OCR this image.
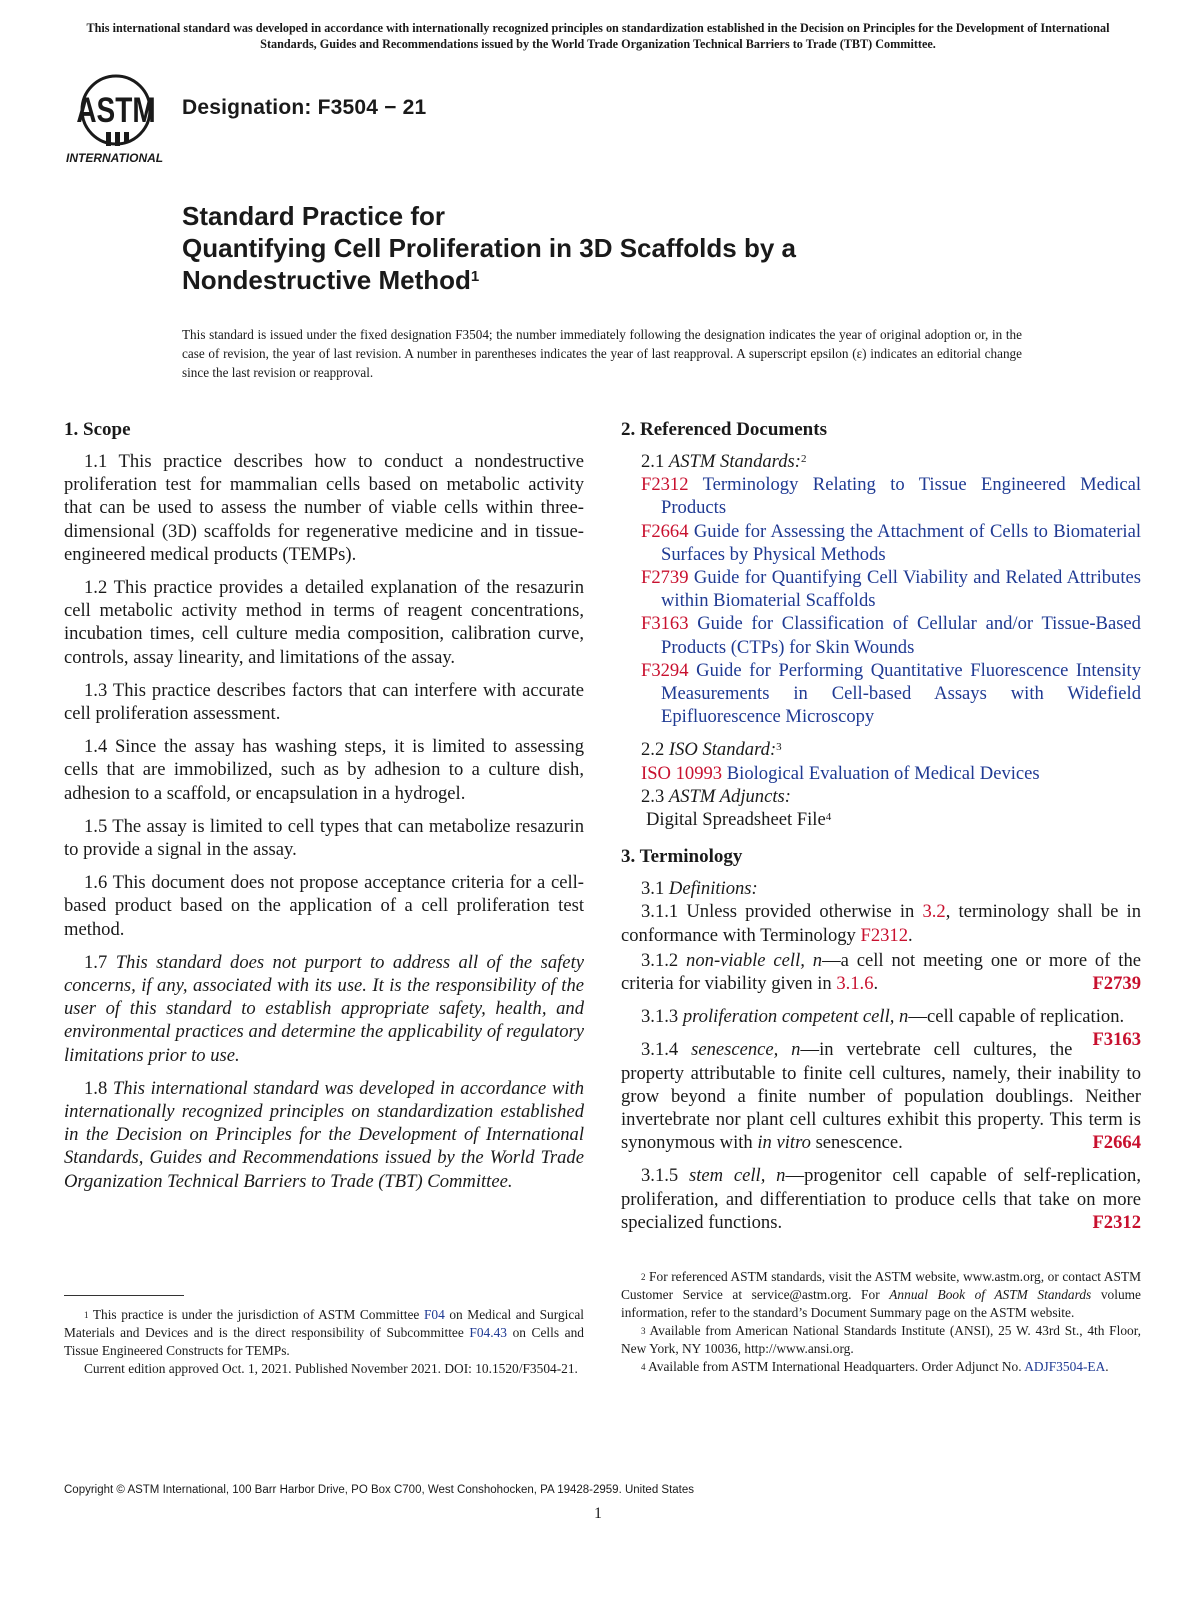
This international standard was developed in accordance with internationally recognized principles on standardization established in the Decision on Principles for the Development of International Standards, Guides and Recommendations issued by the World Trade Organization Technical Barriers to Trade (TBT) Committee.
ASTM
INTERNATIONAL
Designation: F3504 − 21
Standard Practice for
Quantifying Cell Proliferation in 3D Scaffolds by a
Nondestructive Method$^1$
This standard is issued under the fixed designation F3504; the number immediately following the designation indicates the year of original adoption or, in the case of revision, the year of last revision. A number in parentheses indicates the year of last reapproval. A superscript epsilon (ε) indicates an editorial change since the last revision or reapproval.
1. Scope

1.1 This practice describes how to conduct a nondestructive proliferation test for mammalian cells based on metabolic activity that can be used to assess the number of viable cells within three-dimensional (3D) scaffolds for regenerative medicine and in tissue-engineered medical products (TEMPs).

1.2 This practice provides a detailed explanation of the resazurin cell metabolic activity method in terms of reagent concentrations, incubation times, cell culture media composition, calibration curve, controls, assay linearity, and limitations of the assay.

1.3 This practice describes factors that can interfere with accurate cell proliferation assessment.

1.4 Since the assay has washing steps, it is limited to assessing cells that are immobilized, such as by adhesion to a culture dish, adhesion to a scaffold, or encapsulation in a hydrogel.

1.5 The assay is limited to cell types that can metabolize resazurin to provide a signal in the assay.

1.6 This document does not propose acceptance criteria for a cell-based product based on the application of a cell proliferation test method.

1.7 This standard does not purport to address all of the safety concerns, if any, associated with its use. It is the responsibility of the user of this standard to establish appropriate safety, health, and environmental practices and determine the applicability of regulatory limitations prior to use.

1.8 This international standard was developed in accordance with internationally recognized principles on standardization established in the Decision on Principles for the Development of International Standards, Guides and Recommendations issued by the World Trade Organization Technical Barriers to Trade (TBT) Committee.

2. Referenced Documents
2.1 ASTM Standards:$^2$
F2312 Terminology Relating to Tissue Engineered Medical Products
F2664 Guide for Assessing the Attachment of Cells to Biomaterial Surfaces by Physical Methods
F2739 Guide for Quantifying Cell Viability and Related Attributes within Biomaterial Scaffolds
F3163 Guide for Classification of Cellular and/or Tissue-Based Products (CTPs) for Skin Wounds
F3294 Guide for Performing Quantitative Fluorescence Intensity Measurements in Cell-based Assays with Widefield Epifluorescence Microscopy
2.2 ISO Standard:$^3$
ISO 10993 Biological Evaluation of Medical Devices
2.3 ASTM Adjuncts:
Digital Spreadsheet File$^4$
3. Terminology
3.1 Definitions:

3.1.1 Unless provided otherwise in 3.2, terminology shall be in conformance with Terminology F2312.

3.1.2 non-viable cell, n—a cell not meeting one or more of the criteria for viability given in 3.1.6.	F2739

3.1.3 proliferation competent cell, n—cell capable of replication.
F3163

3.1.4 senescence, n—in vertebrate cell cultures, the property attributable to finite cell cultures, namely, their inability to grow beyond a finite number of population doublings. Neither invertebrate nor plant cell cultures exhibit this property. This term is synonymous with in vitro senescence.	F2664

3.1.5 stem cell, n—progenitor cell capable of self-replication, proliferation, and differentiation to produce cells that take on more specialized functions.	F2312

$^1$ This practice is under the jurisdiction of ASTM Committee F04 on Medical and Surgical Materials and Devices and is the direct responsibility of Subcommittee F04.43 on Cells and Tissue Engineered Constructs for TEMPs.

Current edition approved Oct. 1, 2021. Published November 2021. DOI: 10.1520/F3504-21.

$^2$ For referenced ASTM standards, visit the ASTM website, www.astm.org, or contact ASTM Customer Service at service@astm.org. For Annual Book of ASTM Standards volume information, refer to the standard’s Document Summary page on the ASTM website.

$^3$ Available from American National Standards Institute (ANSI), 25 W. 43rd St., 4th Floor, New York, NY 10036, http://www.ansi.org.

$^4$ Available from ASTM International Headquarters. Order Adjunct No. ADJF3504-EA.

Copyright © ASTM International, 100 Barr Harbor Drive, PO Box C700, West Conshohocken, PA 19428-2959. United States
1
